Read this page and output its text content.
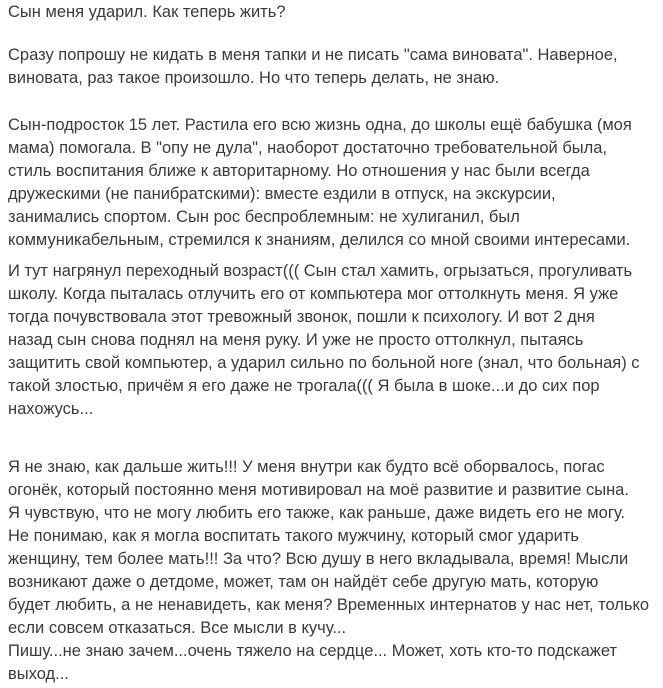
Сын меня ударил. Как теперь жить?
Сразу попрошу не кидать в меня тапки и не писать "сама виновата". Наверное,
виновата, раз такое произошло. Но что теперь делать, не знаю.
Сын-подросток 15 лет. Растила его всю жизнь одна, до школы ещё бабушка (моя
мама) помогала. В "опу не дула", наоборот достаточно требовательной была,
стиль воспитания ближе к авторитарному. Но отношения у нас были всегда
дружескими (не панибратскими): вместе ездили в отпуск, на экскурсии,
занимались спортом. Сын рос беспроблемным: не хулиганил, был
коммуникабельным, стремился к знаниям, делился со мной своими интересами.
И тут нагрянул переходный возраст((( Сын стал хамить, огрызаться, прогуливать
школу. Когда пыталась отлучить его от компьютера мог оттолкнуть меня. Я уже
тогда почувствовала этот тревожный звонок, пошли к психологу. И вот 2 дня
назад сын снова поднял на меня руку. И уже не просто оттолкнул, пытаясь
защитить свой компьютер, а ударил сильно по больной ноге (знал, что больная) с
такой злостью, причём я его даже не трогала((( Я была в шоке...и до сих пор
нахожусь...
Я не знаю, как дальше жить!!! У меня внутри как будто всё оборвалось, погас
огонёк, который постоянно меня мотивировал на моё развитие и развитие сына.
Я чувствую, что не могу любить его также, как раньше, даже видеть его не могу.
Не понимаю, как я могла воспитать такого мужчину, который смог ударить
женщину, тем более мать!!! За что? Всю душу в него вкладывала, время! Мысли
возникают даже о детдоме, может, там он найдёт себе другую мать, которую
будет любить, а не ненавидеть, как меня? Временных интернатов у нас нет, только
если совсем отказаться. Все мысли в кучу...
Пишу...не знаю зачем...очень тяжело на сердце... Может, хоть кто-то подскажет
выход...
